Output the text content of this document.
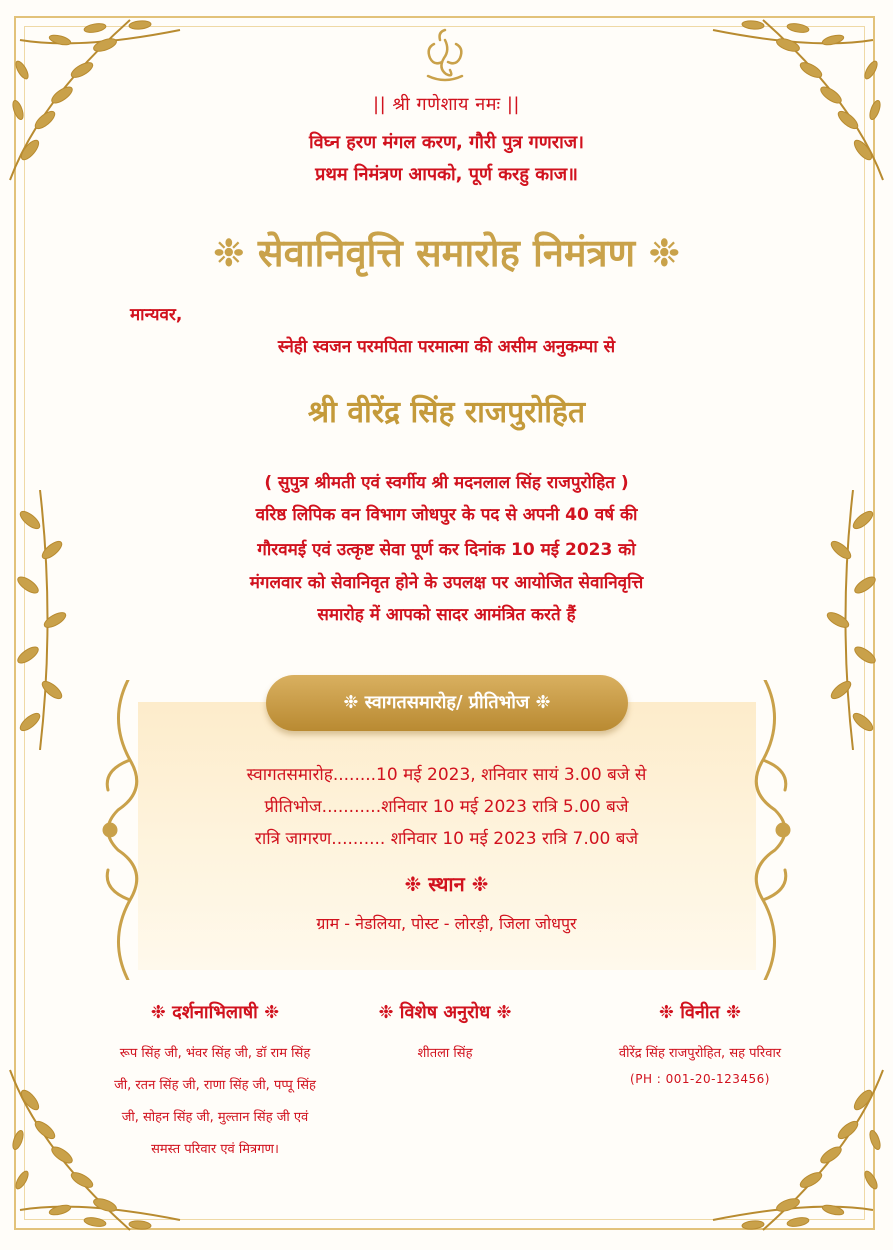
|| श्री गणेशाय नमः ||
विघ्न हरण मंगल करण, गौरी पुत्र गणराज।
प्रथम निमंत्रण आपको, पूर्ण करहु काज॥
❉ सेवानिवृत्ति समारोह निमंत्रण ❉
मान्यवर,
स्नेही स्वजन परमपिता परमात्मा की असीम अनुकम्पा से
श्री वीरेंद्र सिंह राजपुरोहित
( सुपुत्र श्रीमती एवं स्वर्गीय श्री मदनलाल सिंह राजपुरोहित )
वरिष्ठ लिपिक वन विभाग जोधपुर के पद से अपनी 40 वर्ष की
गौरवमई एवं उत्कृष्ट सेवा पूर्ण कर दिनांक 10 मई 2023 को
मंगलवार को सेवानिवृत होने के उपलक्ष पर आयोजित सेवानिवृत्ति
समारोह में आपको सादर आमंत्रित करते हैं
❉ स्वागतसमारोह/ प्रीतिभोज ❉
स्वागतसमारोह........10 मई 2023, शनिवार सायं 3.00 बजे से
प्रीतिभोज...........शनिवार 10 मई 2023 रात्रि 5.00 बजे
रात्रि जागरण.......... शनिवार 10 मई 2023 रात्रि 7.00 बजे
❉ स्थान ❉
ग्राम - नेडलिया, पोस्ट - लोरड़ी, जिला जोधपुर
❉ दर्शनाभिलाषी ❉
रूप सिंह जी, भंवर सिंह जी, डॉ राम सिंह
जी, रतन सिंह जी, राणा सिंह जी, पप्पू सिंह
जी, सोहन सिंह जी, मुल्तान सिंह जी एवं
समस्त परिवार एवं मित्रगण।
❉ विशेष अनुरोध ❉
शीतला सिंह
❉ विनीत ❉
वीरेंद्र सिंह राजपुरोहित, सह परिवार
(PH : 001-20-123456)
